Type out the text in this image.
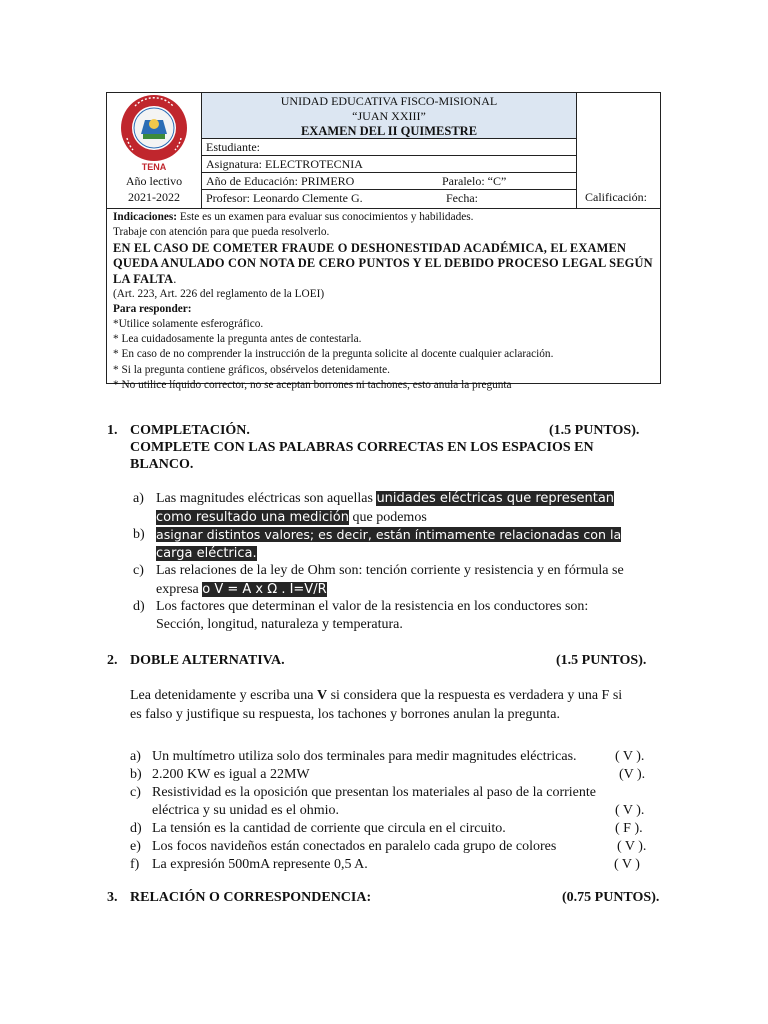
TENA
Año lectivo
2021-2022
UNIDAD EDUCATIVA FISCO-MISIONAL
“JUAN XXIII”
EXAMEN DEL II QUIMESTRE
Calificación:
Estudiante:
Asignatura: ELECTROTECNIA
Año de Educación: PRIMERO	Paralelo: “C”
Profesor: Leonardo Clemente G.	Fecha:
Indicaciones: Este es un examen para evaluar sus conocimientos y habilidades.
Trabaje con atención para que pueda resolverlo.
EN EL CASO DE COMETER FRAUDE O DESHONESTIDAD ACADÉMICA, EL EXAMEN QUEDA ANULADO CON NOTA DE CERO PUNTOS Y EL DEBIDO PROCESO LEGAL SEGÚN LA FALTA.
(Art. 223, Art. 226 del reglamento de la LOEI)
Para responder:
*Utilice solamente esferográfico.
* Lea cuidadosamente la pregunta antes de contestarla.
* En caso de no comprender la instrucción de la pregunta solicite al docente cualquier aclaración.
* Si la pregunta contiene gráficos, obsérvelos detenidamente.
* No utilice líquido corrector, no se aceptan borrones ni tachones, esto anula la pregunta
1. COMPLETACIÓN.	(1.5 PUNTOS).
COMPLETE CON LAS PALABRAS CORRECTAS EN LOS ESPACIOS EN
BLANCO.
a) Las magnitudes eléctricas son aquellas unidades eléctricas que representan
como resultado una medición que podemos
b) asignar distintos valores; es decir, están íntimamente relacionadas con la
carga eléctrica.
c) Las relaciones de la ley de Ohm son: tención corriente y resistencia y en fórmula se
expresa o V = A x Ω . I=V/R
d) Los factores que determinan el valor de la resistencia en los conductores son:
Sección, longitud, naturaleza y temperatura.
2. DOBLE ALTERNATIVA.	(1.5 PUNTOS).
Lea detenidamente y escriba una V si considera que la respuesta es verdadera y una F si
es falso y justifique su respuesta, los tachones y borrones anulan la pregunta.
a) Un multímetro utiliza solo dos terminales para medir magnitudes eléctricas.	( V ).
b) 2.200 KW es igual a 22MW	(V ).
c) Resistividad es la oposición que presentan los materiales al paso de la corriente
eléctrica y su unidad es el ohmio.	( V ).
d) La tensión es la cantidad de corriente que circula en el circuito.	( F ).
e) Los focos navideños están conectados en paralelo cada grupo de colores	( V ).
f) La expresión 500mA represente 0,5 A.	( V )
3. RELACIÓN O CORRESPONDENCIA:	(0.75 PUNTOS).
